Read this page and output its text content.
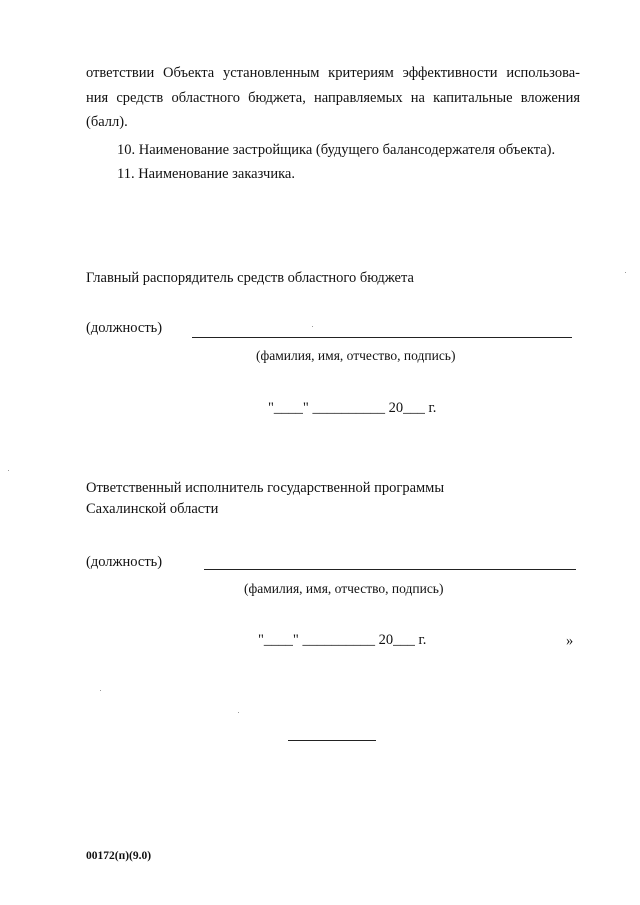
ответствии Объекта установленным критериям эффективности использова-
ния средств областного бюджета, направляемых на капитальные вложения
(балл).
10. Наименование застройщика (будущего балансодержателя объекта).
11. Наименование заказчика.
Главный распорядитель средств областного бюджета
(должность)
(фамилия, имя, отчество, подпись)
"____" __________ 20___ г.
Ответственный исполнитель государственной программы
Сахалинской области
(должность)
(фамилия, имя, отчество, подпись)
"____" __________ 20___ г.	»
00172(п)(9.0)
